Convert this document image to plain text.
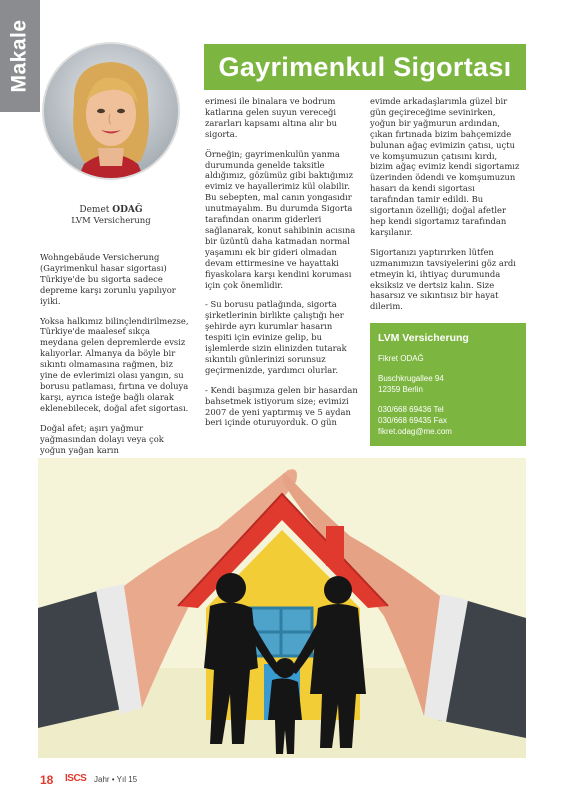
Makale
Demet ODAĞ
LVM Versicherung
Gayrimenkul Sigortası

Wohngebäude Versicherung (Gayrimenkul hasar sigortası) Türkiye'de bu sigorta sadece depreme karşı zorunlu yapılıyor iyiki.

Yoksa halkımız bilinçlendirilmezse, Türkiye'de maalesef sıkça meydana gelen depremlerde evsiz kalıyorlar. Almanya da böyle bir sıkıntı olmamasına rağmen, biz yine de evlerimizi olası yangın, su borusu patlaması, fırtına ve doluya karşı, ayrıca isteğe bağlı olarak eklenebilecek, doğal afet sigortası.

Doğal afet; aşırı yağmur yağmasından dolayı veya çok yoğun yağan karın

erimesi ile binalara ve bodrum katlarına gelen suyun vereceği zararları kapsamı altına alır bu sigorta.

Örneğin; gayrimenkulün yanma durumunda genelde taksitle aldığımız, gözümüz gibi baktığımız evimiz ve hayallerimiz kül olabilir. Bu sebepten, mal canın yongasıdır unutmayalım. Bu durumda Sigorta tarafından onarım giderleri sağlanarak, konut sahibinin acısına bir üzüntü daha katmadan normal yaşamını ek bir gideri olmadan devam ettirmesine ve hayattaki fiyaskolara karşı kendini koruması için çok önemlidir.

- Su borusu patlağında, sigorta şirketlerinin birlikte çalıştığı her şehirde ayrı kurumlar hasarın tespiti için evinize gelip, bu işlemlerde sizin elinizden tutarak sıkıntılı günlerinizi sorunsuz geçirmenizde, yardımcı olurlar.

- Kendi başımıza gelen bir hasardan bahsetmek istiyorum size; evimizi 2007 de yeni yaptırmış ve 5 aydan beri içinde oturuyorduk. O gün

evimde arkadaşlarımla güzel bir gün geçireceğime sevinirken, yoğun bir yağmurun ardından, çıkan fırtınada bizim bahçemizde bulunan ağaç evimizin çatısı, uçtu ve komşumuzun çatısını kırdı, bizim ağaç evimiz kendi sigortamız üzerinden ödendi ve komşumuzun hasarı da kendi sigortası tarafından tamir edildi. Bu sigortanın özelliği; doğal afetler hep kendi sigortamız tarafından karşılanır.

Sigortanızı yaptırırken lütfen uzmanımızın tavsiyelerini göz ardı etmeyin ki, ihtiyaç durumunda eksiksiz ve dertsiz kalın. Size hasarsız ve sıkıntısız bir hayat dilerim.

LVM Versicherung
Fikret ODAĞ
Buschkrugallee 94
12359 Berlin
030/668 69436 Tel
030/668 69435 Fax
fikret.odag@me.com
18 ISCS Jahr • Yıl 15
